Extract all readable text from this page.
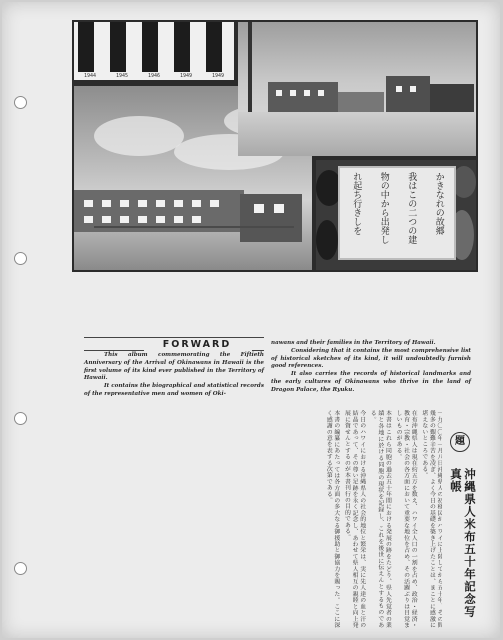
1944	1945	1946	1949	1949
かきなれの故郷
我はこの二つの建
物の中から出発し
れ起ち行きしを
FORWARD

This album commemorating the Fiftieth Anniversary of the Arrival of Okinawans in Hawaii is the first volume of its kind ever published in the Territory of Hawaii.

It contains the biographical and statistical records of the representative men and women of Oki-

nawans and their families in the Territory of Hawaii.

Considering that it contains the most comprehensive list of historical sketches of its kind, it will undoubtedly furnish good references.

It also carries the records of historical landmarks and the early cultures of Okinawans who thrive in the land of Dragon Palace, the Ryuku.

題
沖縄県人米布五十年記念写真帳

一九〇〇年一月八日沖縄県人の初移民がハワイに上陸してから五十年、その間幾多の艱難辛苦を凌ぎ、よく今日の基礎を築き上げたことは、まことに感激に堪えないところである。

在布沖縄県人は現在約五万を数え、ハワイ全人口の一割を占め、政治・経済・教育・宗教・社会の各方面において重要な地位を占め、その活躍ぶりは目覚ましいものがある。

本書はこれら同胞の過去五十年間における発展の跡をたどり、県人先覚者の業績と各地に於ける同胞の現状を記録し、これを後世に伝えんとするものである。

今日のハワイにおける沖縄県人の社会的地位と繁栄は、実に先人達の血と汗の結晶であって、その尊い足跡を永く記念し、あわせて県人相互の親睦と向上発展に資せんとするのが本書刊行の目的である。

本書の編纂にあたっては各方面の多大なる御援助と御協力を賜った。ここに深く感謝の意を表する次第である。
